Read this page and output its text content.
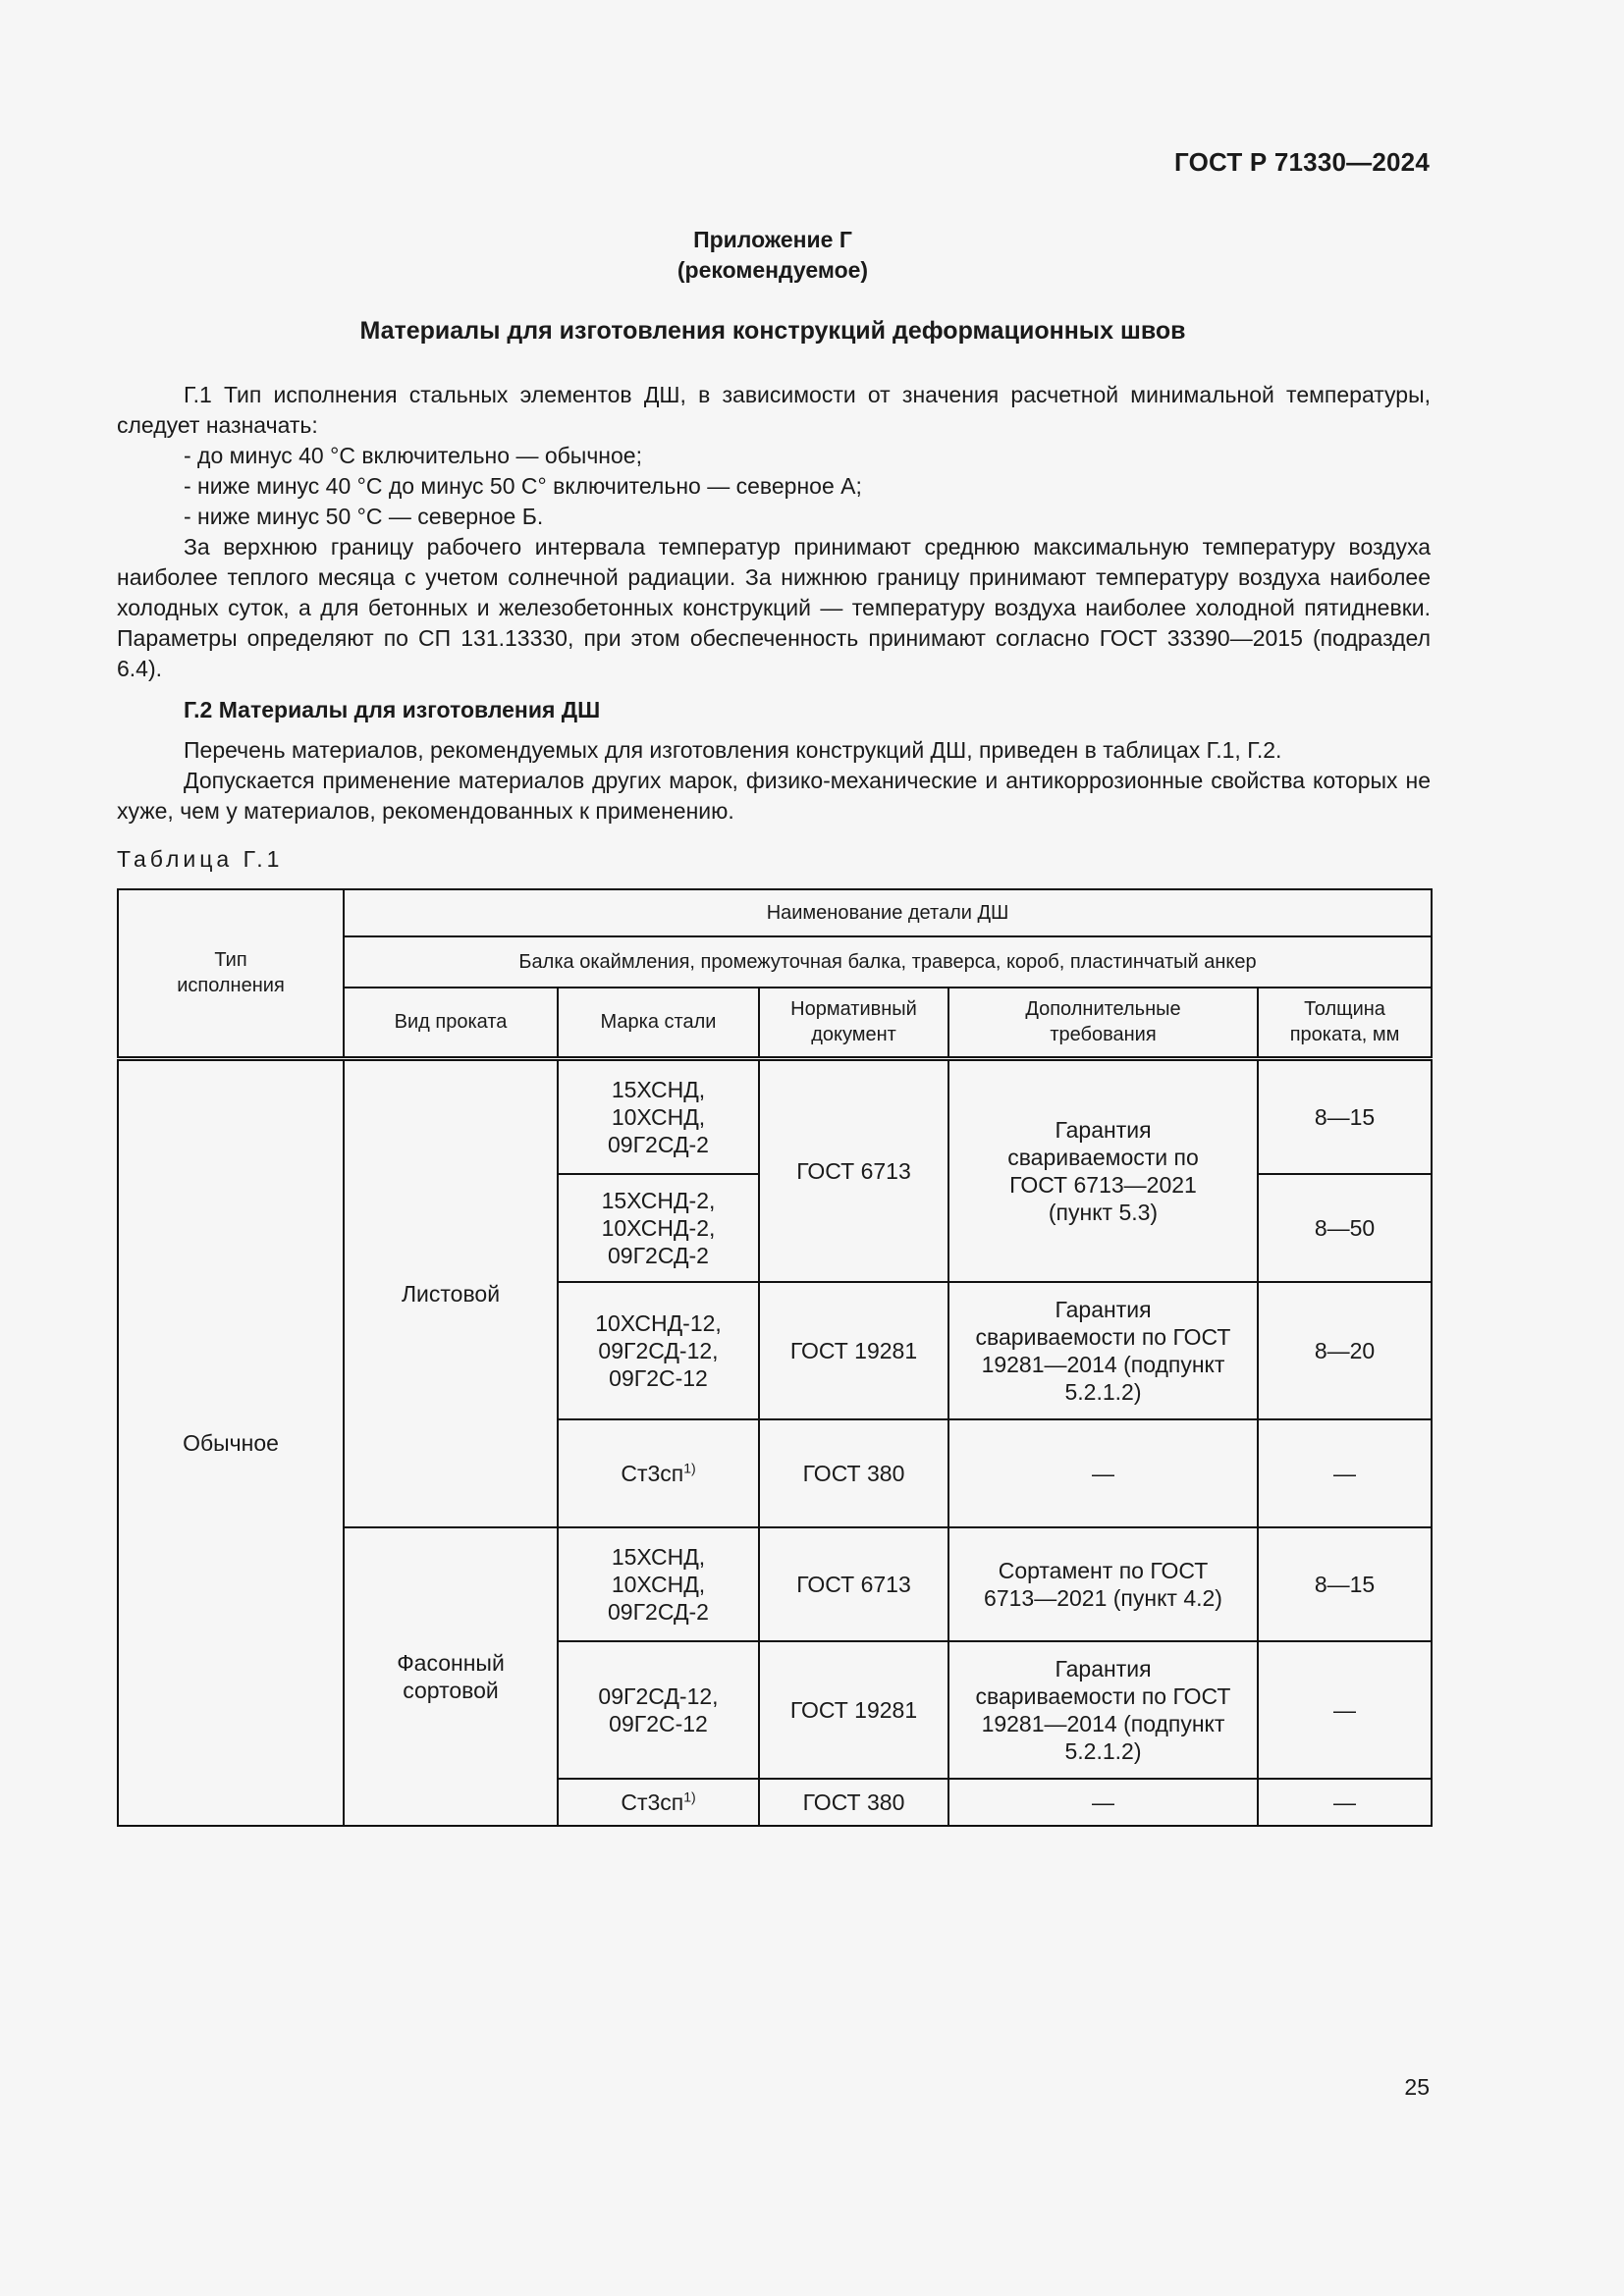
ГОСТ Р 71330—2024
Приложение Г
(рекомендуемое)
Материалы для изготовления конструкций деформационных швов

Г.1 Тип исполнения стальных элементов ДШ, в зависимости от значения расчетной минимальной температуры, следует назначать:

- до минус 40 °С включительно — обычное;

- ниже минус 40 °С до минус 50 С° включительно — северное А;

- ниже минус 50 °С — северное Б.

За верхнюю границу рабочего интервала температур принимают среднюю максимальную температуру воздуха наиболее теплого месяца с учетом солнечной радиации. За нижнюю границу принимают температуру воздуха наиболее холодных суток, а для бетонных и железобетонных конструкций — температуру воздуха наиболее холодной пятидневки. Параметры определяют по СП 131.13330, при этом обеспеченность принимают согласно ГОСТ 33390—2015 (подраздел 6.4).

Г.2 Материалы для изготовления ДШ

Перечень материалов, рекомендуемых для изготовления конструкций ДШ, приведен в таблицах Г.1, Г.2.

Допускается применение материалов других марок, физико-механические и антикоррозионные свойства которых не хуже, чем у материалов, рекомендованных к применению.

Таблица Г.1
Тип исполнения	Наименование детали ДШ				
	Балка окаймления, промежуточная балка, траверса, короб, пластинчатый анкер				
	Вид проката	Марка стали	Нормативный документ	Дополнительные требования	Толщина проката, мм
Обычное	Листовой	15ХСНД, 10ХСНД, 09Г2СД-2	ГОСТ 6713	Гарантия свариваемости по ГОСТ 6713—2021 (пункт 5.3)	8—15
		15ХСНД-2, 10ХСНД-2, 09Г2СД-2			8—50
		10ХСНД-12, 09Г2СД-12, 09Г2С-12	ГОСТ 19281	Гарантия свариваемости по ГОСТ 19281—2014 (подпункт 5.2.1.2)	8—20
		$Ст3сп^{1)}$	ГОСТ 380	—	—
	Фасонный сортовой	15ХСНД, 10ХСНД, 09Г2СД-2	ГОСТ 6713	Сортамент по ГОСТ 6713—2021 (пункт 4.2)	8—15
		09Г2СД-12, 09Г2С-12	ГОСТ 19281	Гарантия свариваемости по ГОСТ 19281—2014 (подпункт 5.2.1.2)	—
		$Ст3сп^{1)}$	ГОСТ 380	—	—
25
